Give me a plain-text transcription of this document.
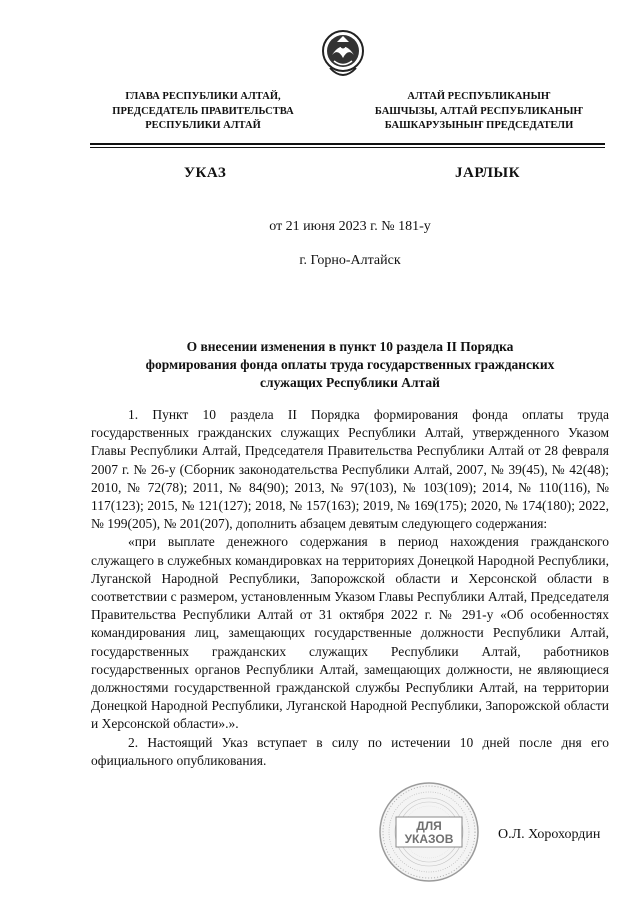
ГЛАВА РЕСПУБЛИКИ АЛТАЙ,
ПРЕДСЕДАТЕЛЬ ПРАВИТЕЛЬСТВА
РЕСПУБЛИКИ АЛТАЙ
АЛТАЙ РЕСПУБЛИКАНЫҤ
БАШЧЫЗЫ, АЛТАЙ РЕСПУБЛИКАНЫҤ
БАШКАРУЗЫНЫҤ ПРЕДСЕДАТЕЛИ
УКАЗ	JАРЛЫК
от 21 июня 2023 г. № 181-у
г. Горно-Алтайск
О внесении изменения в пункт 10 раздела II Порядка
формирования фонда оплаты труда государственных гражданских
служащих Республики Алтай

1. Пункт 10 раздела II Порядка формирования фонда оплаты труда государственных гражданских служащих Республики Алтай, утвержденного Указом Главы Республики Алтай, Председателя Правительства Республики Алтай от 28 февраля 2007 г. № 26-у (Сборник законодательства Республики Алтай, 2007, № 39(45), № 42(48); 2010, № 72(78); 2011, № 84(90); 2013, № 97(103), № 103(109); 2014, № 110(116), № 117(123); 2015, № 121(127); 2018, № 157(163); 2019, № 169(175); 2020, № 174(180); 2022, № 199(205), № 201(207), дополнить абзацем девятым следующего содержания:

«при выплате денежного содержания в период нахождения гражданского служащего в служебных командировках на территориях Донецкой Народной Республики, Луганской Народной Республики, Запорожской области и Херсонской области в соответствии с размером, установленным Указом Главы Республики Алтай, Председателя Правительства Республики Алтай от 31 октября 2022 г. № 291-у «Об особенностях командирования лиц, замещающих государственные должности Республики Алтай, государственных гражданских служащих Республики Алтай, работников государственных органов Республики Алтай, замещающих должности, не являющиеся должностями государственной гражданской службы Республики Алтай, на территории Донецкой Народной Республики, Луганской Народной Республики, Запорожской области и Херсонской области».».

2. Настоящий Указ вступает в силу по истечении 10 дней после дня его официального опубликования.

ДЛЯ
УКАЗОВ	О.Л. Хорохордин
